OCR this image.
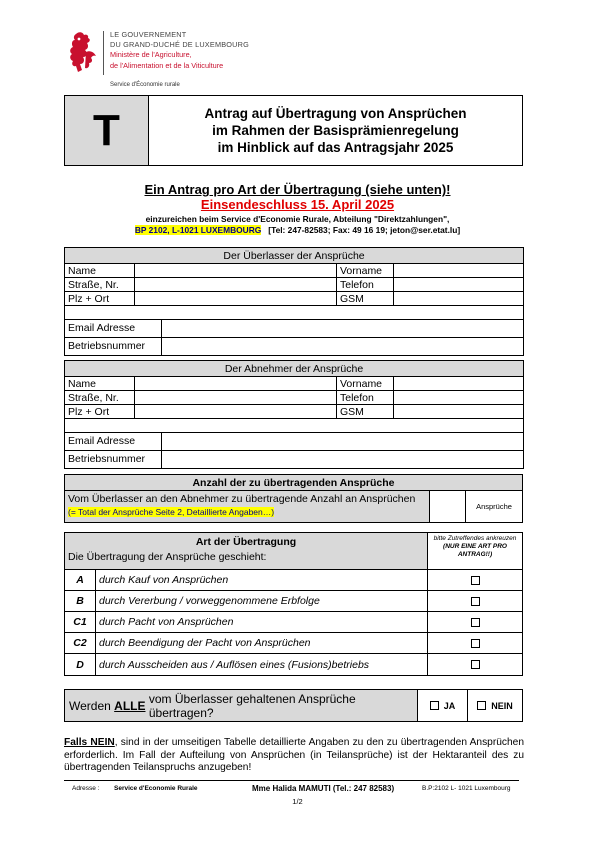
LE GOUVERNEMENT
DU GRAND-DUCHÉ DE LUXEMBOURG
Ministère de l'Agriculture,
de l'Alimentation et de la Viticulture
Service d'Économie rurale
T	Antrag auf Übertragung von Ansprüchen
im Rahmen der Basisprämienregelung
im Hinblick auf das Antragsjahr 2025
Ein Antrag pro Art der Übertragung (siehe unten)!
Einsendeschluss 15. April 2025
einzureichen beim Service d'Economie Rurale, Abteilung "Direktzahlungen",
BP 2102, L-1021 LUXEMBOURG [Tel: 247-82583; Fax: 49 16 19; jeton@ser.etat.lu]
Der Überlasser der Ansprüche			
Name		Vorname	
Straße, Nr.		Telefon	
Plz + Ort		GSM	

Email Adresse			

Betriebsnummer			
Der Abnehmer der Ansprüche			
Name		Vorname	
Straße, Nr.		Telefon	
Plz + Ort		GSM	

Email Adresse			

Betriebsnummer			
Anzahl der zu übertragenden Ansprüche
Vom Überlasser an den Abnehmer zu übertragende Anzahl an Ansprüchen (= Total der Ansprüche Seite 2, Detaillierte Angaben…)
Ansprüche
Art der Übertragung
Die Übertragung der Ansprüche geschieht:
bitte Zutreffendes ankreuzen
(NUR EINE ART PRO ANTRAG!!)
A	durch Kauf von Ansprüchen
B	durch Vererbung / vorweggenommene Erbfolge
C1	durch Pacht von Ansprüchen
C2	durch Beendigung der Pacht von Ansprüchen
D	durch Ausscheiden aus / Auflösen eines (Fusions)betriebs
Werden
ALLE
vom Überlasser gehaltenen Ansprüche übertragen?	JA	NEIN
Falls NEIN, sind in der umseitigen Tabelle detaillierte Angaben zu den zu übertragenden Ansprüchen erforderlich. Im Fall der Aufteilung von Ansprüchen (in Teilansprüche) ist der Hektaranteil des zu übertragenden Teilanspruchs anzugeben!
Adresse :	Service d'Economie Rurale	Mme Halida MAMUTI (Tel.: 247 82583)	B.P:2102 L- 1021 Luxembourg
1/2
